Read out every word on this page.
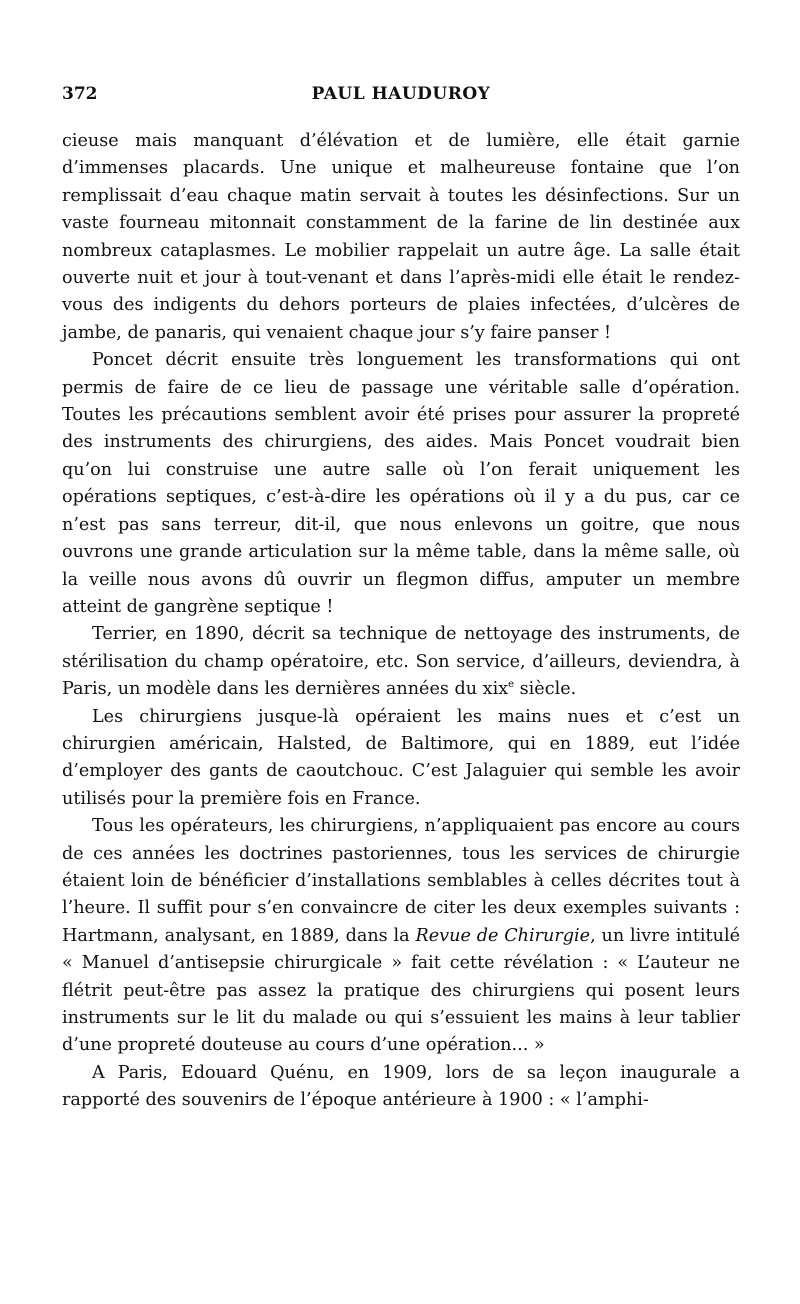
372	PAUL HAUDUROY

cieuse mais manquant d’élévation et de lumière, elle était garnie d’immenses placards. Une unique et malheureuse fontaine que l’on remplissait d’eau chaque matin servait à toutes les désinfections. Sur un vaste fourneau mitonnait constamment de la farine de lin destinée aux nombreux cataplasmes. Le mobilier rappelait un autre âge. La salle était ouverte nuit et jour à tout-venant et dans l’après-midi elle était le rendez-vous des indigents du dehors porteurs de plaies infectées, d’ulcères de jambe, de panaris, qui venaient chaque jour s’y faire panser !

Poncet décrit ensuite très longuement les transformations qui ont permis de faire de ce lieu de passage une véritable salle d’opération. Toutes les précautions semblent avoir été prises pour assurer la propreté des instruments des chirurgiens, des aides. Mais Poncet voudrait bien qu’on lui construise une autre salle où l’on ferait uniquement les opérations septiques, c’est-à-dire les opérations où il y a du pus, car ce n’est pas sans terreur, dit-il, que nous enlevons un goitre, que nous ouvrons une grande articulation sur la même table, dans la même salle, où la veille nous avons dû ouvrir un flegmon diffus, amputer un membre atteint de gangrène septique !

Terrier, en 1890, décrit sa technique de nettoyage des instruments, de stérilisation du champ opératoire, etc. Son service, d’ailleurs, deviendra, à Paris, un modèle dans les dernières années du xix$^e$ siècle.

Les chirurgiens jusque-là opéraient les mains nues et c’est un chirurgien américain, Halsted, de Baltimore, qui en 1889, eut l’idée d’employer des gants de caoutchouc. C’est Jalaguier qui semble les avoir utilisés pour la première fois en France.

Tous les opérateurs, les chirurgiens, n’appliquaient pas encore au cours de ces années les doctrines pastoriennes, tous les services de chirurgie étaient loin de bénéficier d’installations semblables à celles décrites tout à l’heure. Il suffit pour s’en convaincre de citer les deux exemples suivants : Hartmann, analysant, en 1889, dans la Revue de Chirurgie, un livre intitulé « Manuel d’antisepsie chirurgicale » fait cette révélation : « L’auteur ne flétrit peut-être pas assez la pratique des chirurgiens qui posent leurs instruments sur le lit du malade ou qui s’essuient les mains à leur tablier d’une propreté douteuse au cours d’une opération... »

A Paris, Edouard Quénu, en 1909, lors de sa leçon inaugurale a rapporté des souvenirs de l’époque antérieure à 1900 : « l’amphi-
